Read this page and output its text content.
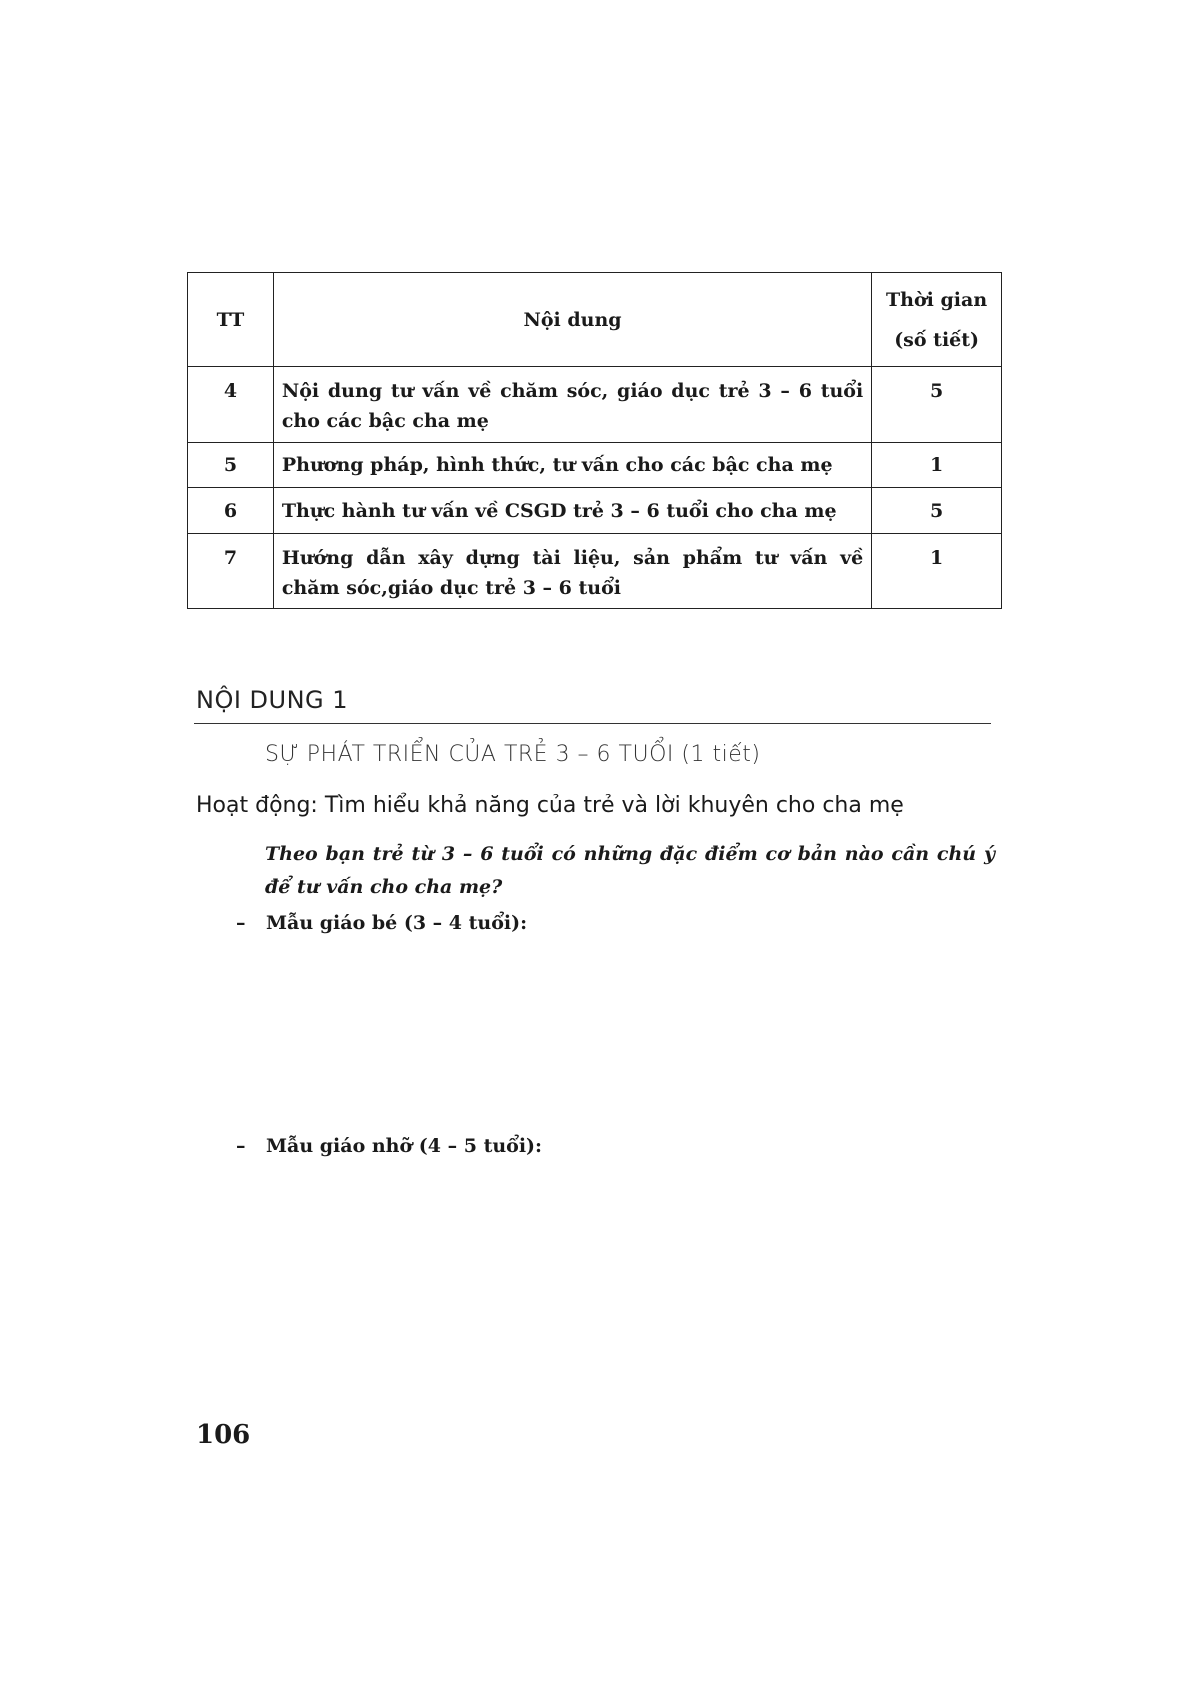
TT	Nội dung	Thời gian
(số tiết)

4	Nội dung tư vấn về chăm sóc, giáo dục trẻ 3 – 6 tuổi cho các bậc cha mẹ	5
5	Phương pháp, hình thức, tư vấn cho các bậc cha mẹ	1
6	Thực hành tư vấn về CSGD trẻ 3 – 6 tuổi cho cha mẹ	5
7	Hướng dẫn xây dựng tài liệu, sản phẩm tư vấn về chăm sóc,giáo dục trẻ 3 – 6 tuổi	1
NỘI DUNG 1
SỰ PHÁT TRIỂN CỦA TRẺ 3 – 6 TUỔI (1 tiết)
Hoạt động: Tìm hiểu khả năng của trẻ và lời khuyên cho cha mẹ
Theo bạn trẻ từ 3 – 6 tuổi có những đặc điểm cơ bản nào cần chú ý để tư vấn cho cha mẹ?
– Mẫu giáo bé (3 – 4 tuổi):
– Mẫu giáo nhỡ (4 – 5 tuổi):
106
